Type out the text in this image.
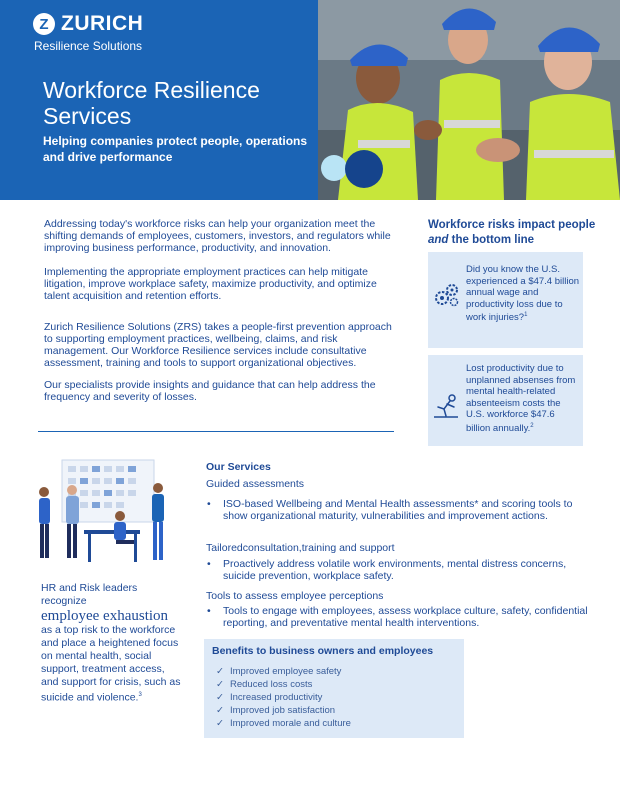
Z ZURICH
Resilience Solutions
Workforce Resilience Services
Helping companies protect people, operations and drive performance

Addressing today's workforce risks can help your organization meet the shifting demands of employees, customers, investors, and regulators while improving business performance, productivity, and innovation.

Implementing the appropriate employment practices can help mitigate litigation, improve workplace safety, maximize productivity, and optimize talent acquisition and retention efforts.

Zurich Resilience Solutions (ZRS) takes a people-first prevention approach to supporting employment practices, wellbeing, claims, and risk management. Our Workforce Resilience services include consultative assessment, training and tools to support organizational objectives.

Our specialists provide insights and guidance that can help address the frequency and severity of losses.

Workforce risks impact people and the bottom line
Did you know the U.S. experienced a $47.4 billion annual wage and productivity loss due to work injuries?$^1$
Lost productivity due to unplanned absenses from mental health-related absenteeism costs the U.S. workforce $47.6 billion annually.$^2$
HR and Risk leaders recognize
employee exhaustion
as a top risk to the workforce and place a heightened focus on mental health, social support, treatment access, and support for crisis, such as suicide and violence.$^3$
Our Services
Guided assessments
• ISO-based Wellbeing and Mental Health assessments* and scoring tools to show organizational maturity, vulnerabilities and improvement actions.
Tailoredconsultation,training and support
• Proactively address volatile work environments, mental distress concerns, suicide prevention, workplace safety.
Tools to assess employee perceptions
• Tools to engage with employees, assess workplace culture, safety, confidential reporting, and preventative mental health interventions.
Benefits to business owners and employees
✓ Improved employee safety
✓ Reduced loss costs
✓ Increased productivity
✓ Improved job satisfaction
✓ Improved morale and culture
